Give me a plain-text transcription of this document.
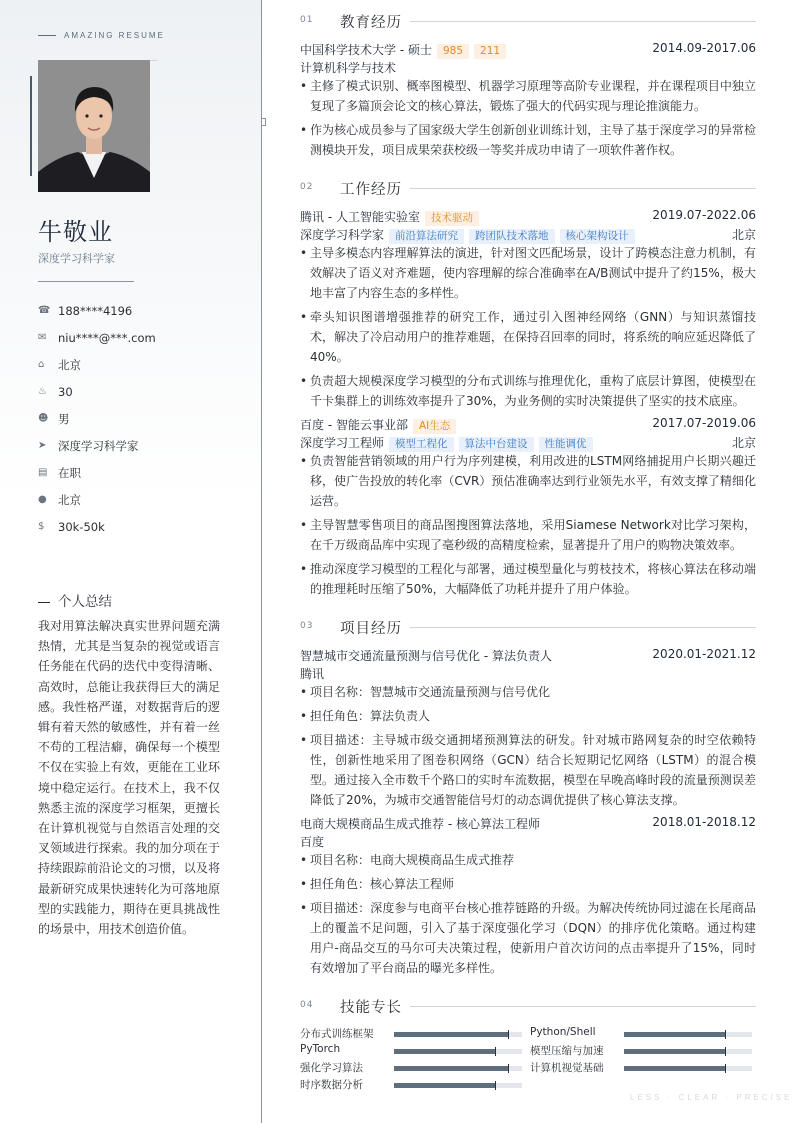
AMAZING RESUME
牛敬业
深度学习科学家
☎ 188****4196
✉	niu****@***.com
⌂	北京
♨ 30
☻ 男
➤	深度学习科学家
▤ 在职
● 北京
$	30k-50k
个人总结
我对用算法解决真实世界问题充满热情，尤其是当复杂的视觉或语言任务能在代码的迭代中变得清晰、高效时，总能让我获得巨大的满足感。我性格严谨，对数据背后的逻辑有着天然的敏感性，并有着一丝不苟的工程洁癖，确保每一个模型不仅在实验上有效，更能在工业环境中稳定运行。在技术上，我不仅熟悉主流的深度学习框架，更擅长在计算机视觉与自然语言处理的交叉领域进行探索。我的加分项在于持续跟踪前沿论文的习惯，以及将最新研究成果快速转化为可落地原型的实践能力，期待在更具挑战性的场景中，用技术创造价值。
01 教育经历
中国科学技术大学 - 硕士 985 211	2014.09-2017.06
计算机科学与技术
• 主修了模式识别、概率图模型、机器学习原理等高阶专业课程，并在课程项目中独立复现了多篇顶会论文的核心算法，锻炼了强大的代码实现与理论推演能力。
• 作为核心成员参与了国家级大学生创新创业训练计划，主导了基于深度学习的异常检测模块开发，项目成果荣获校级一等奖并成功申请了一项软件著作权。
02 工作经历
腾讯 - 人工智能实验室 技术驱动	2019.07-2022.06
深度学习科学家 前沿算法研究 跨团队技术落地 核心架构设计	北京
• 主导多模态内容理解算法的演进，针对图文匹配场景，设计了跨模态注意力机制，有效解决了语义对齐难题，使内容理解的综合准确率在A/B测试中提升了约15%，极大地丰富了内容生态的多样性。
• 牵头知识图谱增强推荐的研究工作，通过引入图神经网络（GNN）与知识蒸馏技术，解决了冷启动用户的推荐难题，在保持召回率的同时，将系统的响应延迟降低了40%。
• 负责超大规模深度学习模型的分布式训练与推理优化，重构了底层计算图，使模型在千卡集群上的训练效率提升了30%，为业务侧的实时决策提供了坚实的技术底座。
百度 - 智能云事业部 AI生态	2017.07-2019.06
深度学习工程师 模型工程化 算法中台建设 性能调优	北京
• 负责智能营销领域的用户行为序列建模，利用改进的LSTM网络捕捉用户长期兴趣迁移，使广告投放的转化率（CVR）预估准确率达到行业领先水平，有效支撑了精细化运营。
• 主导智慧零售项目的商品图搜图算法落地，采用Siamese Network对比学习架构，在千万级商品库中实现了毫秒级的高精度检索，显著提升了用户的购物决策效率。
• 推动深度学习模型的工程化与部署，通过模型量化与剪枝技术，将核心算法在移动端的推理耗时压缩了50%，大幅降低了功耗并提升了用户体验。
03 项目经历
智慧城市交通流量预测与信号优化 - 算法负责人	2020.01-2021.12
腾讯
• 项目名称：智慧城市交通流量预测与信号优化
• 担任角色：算法负责人
• 项目描述：主导城市级交通拥堵预测算法的研发。针对城市路网复杂的时空依赖特性，创新性地采用了图卷积网络（GCN）结合长短期记忆网络（LSTM）的混合模型。通过接入全市数千个路口的实时车流数据，模型在早晚高峰时段的流量预测误差降低了20%，为城市交通智能信号灯的动态调优提供了核心算法支撑。
电商大规模商品生成式推荐 - 核心算法工程师	2018.01-2018.12
百度
• 项目名称：电商大规模商品生成式推荐
• 担任角色：核心算法工程师
• 项目描述：深度参与电商平台核心推荐链路的升级。为解决传统协同过滤在长尾商品上的覆盖不足问题，引入了基于深度强化学习（DQN）的排序优化策略。通过构建用户-商品交互的马尔可夫决策过程，使新用户首次访问的点击率提升了15%，同时有效增加了平台商品的曝光多样性。
04 技能专长
分布式训练框架	Python/Shell
PyTorch	模型压缩与加速
强化学习算法	计算机视觉基础
时序数据分析
LESS · CLEAR · PRECISE
